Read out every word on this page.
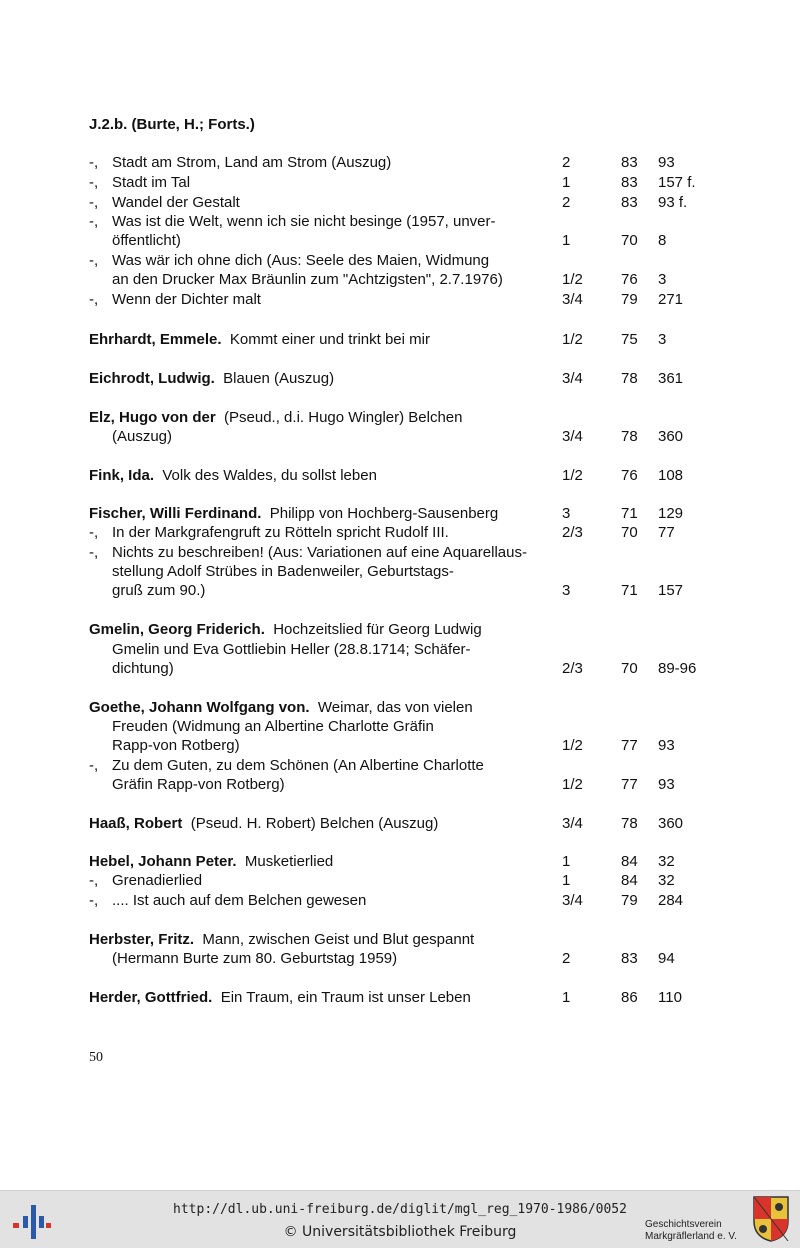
J.2.b. (Burte, H.; Forts.)
-, Stadt am Strom, Land am Strom (Auszug)	2	83 93
-, Stadt im Tal	1	83 157 f.
-, Wandel der Gestalt	2	83 93 f.
-, Was ist die Welt, wenn ich sie nicht besinge (1957, unver-
öffentlicht)	1	70 8
-, Was wär ich ohne dich (Aus: Seele des Maien, Widmung
an den Drucker Max Bräunlin zum "Achtzigsten", 2.7.1976)	1/2	76 3
-, Wenn der Dichter malt	3/4	79 271
Ehrhardt, Emmele. Kommt einer und trinkt bei mir	1/2	75 3
Eichrodt, Ludwig. Blauen (Auszug)	3/4	78 361
Elz, Hugo von der (Pseud., d.i. Hugo Wingler) Belchen
(Auszug)	3/4	78 360
Fink, Ida. Volk des Waldes, du sollst leben	1/2	76 108
Fischer, Willi Ferdinand. Philipp von Hochberg-Sausenberg	3	71 129
-, In der Markgrafengruft zu Rötteln spricht Rudolf III.	2/3	70 77
-, Nichts zu beschreiben! (Aus: Variationen auf eine Aquarellaus-
stellung Adolf Strübes in Badenweiler, Geburtstags-
gruß zum 90.)	3	71 157
Gmelin, Georg Friderich. Hochzeitslied für Georg Ludwig
Gmelin und Eva Gottliebin Heller (28.8.1714; Schäfer-
dichtung)	2/3	70 89-96
Goethe, Johann Wolfgang von. Weimar, das von vielen
Freuden (Widmung an Albertine Charlotte Gräfin
Rapp-von Rotberg)	1/2	77 93
-, Zu dem Guten, zu dem Schönen (An Albertine Charlotte
Gräfin Rapp-von Rotberg)	1/2	77 93
Haaß, Robert (Pseud. H. Robert) Belchen (Auszug)	3/4	78 360
Hebel, Johann Peter. Musketierlied	1	84 32
-, Grenadierlied	1	84 32
-, .... Ist auch auf dem Belchen gewesen	3/4	79 284
Herbster, Fritz. Mann, zwischen Geist und Blut gespannt
(Hermann Burte zum 80. Geburtstag 1959)	2	83 94
Herder, Gottfried. Ein Traum, ein Traum ist unser Leben	1	86 110
50
http://dl.ub.uni-freiburg.de/diglit/mgl_reg_1970-1986/0052
© Universitätsbibliothek Freiburg	Geschichtsverein
Markgräflerland e. V.
